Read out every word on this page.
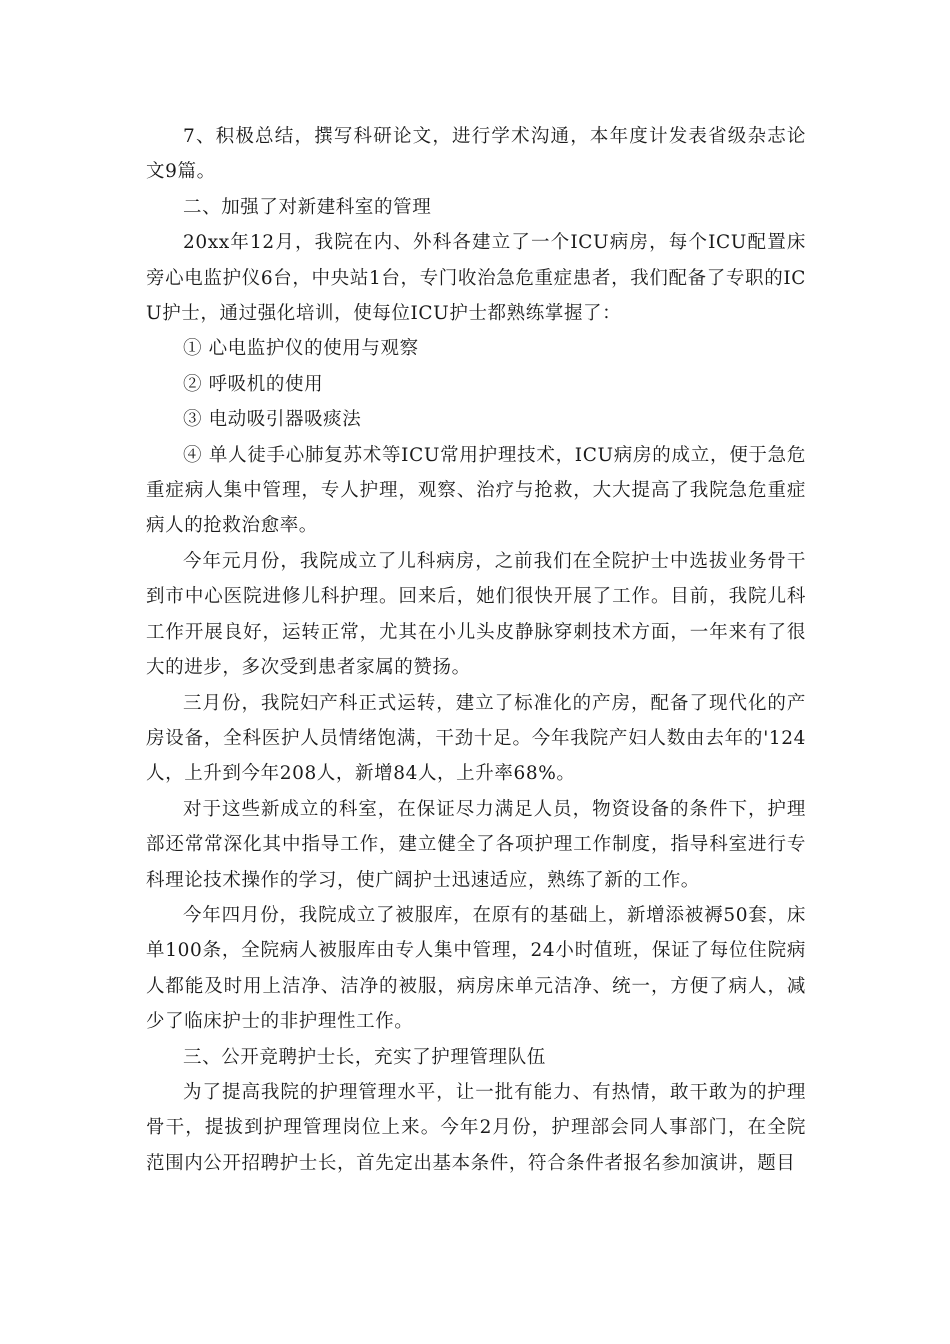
7、积极总结，撰写科研论文，进行学术沟通，本年度计发表省级杂志论文9篇。

二、加强了对新建科室的管理

20xx年12月，我院在内、外科各建立了一个ICU病房，每个ICU配置床旁心电监护仪6台，中央站1台，专门收治急危重症患者，我们配备了专职的ICU护士，通过强化培训，使每位ICU护士都熟练掌握了：

① 心电监护仪的使用与观察

② 呼吸机的使用

③ 电动吸引器吸痰法

④ 单人徒手心肺复苏术等ICU常用护理技术，ICU病房的成立，便于急危重症病人集中管理，专人护理，观察、治疗与抢救，大大提高了我院急危重症病人的抢救治愈率。

今年元月份，我院成立了儿科病房，之前我们在全院护士中选拔业务骨干到市中心医院进修儿科护理。回来后，她们很快开展了工作。目前，我院儿科工作开展良好，运转正常，尤其在小儿头皮静脉穿刺技术方面，一年来有了很大的进步，多次受到患者家属的赞扬。

三月份，我院妇产科正式运转，建立了标准化的产房，配备了现代化的产房设备，全科医护人员情绪饱满，干劲十足。今年我院产妇人数由去年的'124人，上升到今年208人，新增84人，上升率68%。

对于这些新成立的科室，在保证尽力满足人员，物资设备的条件下，护理部还常常深化其中指导工作，建立健全了各项护理工作制度，指导科室进行专科理论技术操作的学习，使广阔护士迅速适应，熟练了新的工作。

今年四月份，我院成立了被服库，在原有的基础上，新增添被褥50套，床单100条，全院病人被服库由专人集中管理，24小时值班，保证了每位住院病人都能及时用上洁净、洁净的被服，病房床单元洁净、统一，方便了病人，减少了临床护士的非护理性工作。

三、公开竞聘护士长，充实了护理管理队伍

为了提高我院的护理管理水平，让一批有能力、有热情，敢干敢为的护理骨干，提拔到护理管理岗位上来。今年2月份，护理部会同人事部门，在全院范围内公开招聘护士长，首先定出基本条件，符合条件者报名参加演讲，题目
